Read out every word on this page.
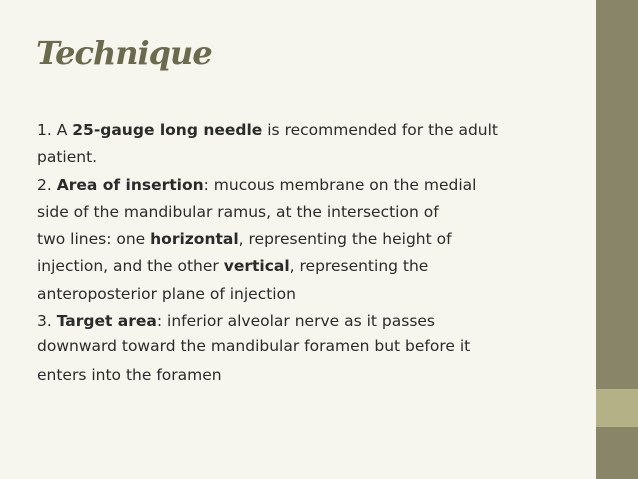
Technique
1. A 25-gauge long needle is recommended for the adult
patient.
2. Area of insertion: mucous membrane on the medial
side of the mandibular ramus, at the intersection of
two lines: one horizontal, representing the height of
injection, and the other vertical, representing the
anteroposterior plane of injection
3. Target area: inferior alveolar nerve as it passes
downward toward the mandibular foramen but before it
enters into the foramen
